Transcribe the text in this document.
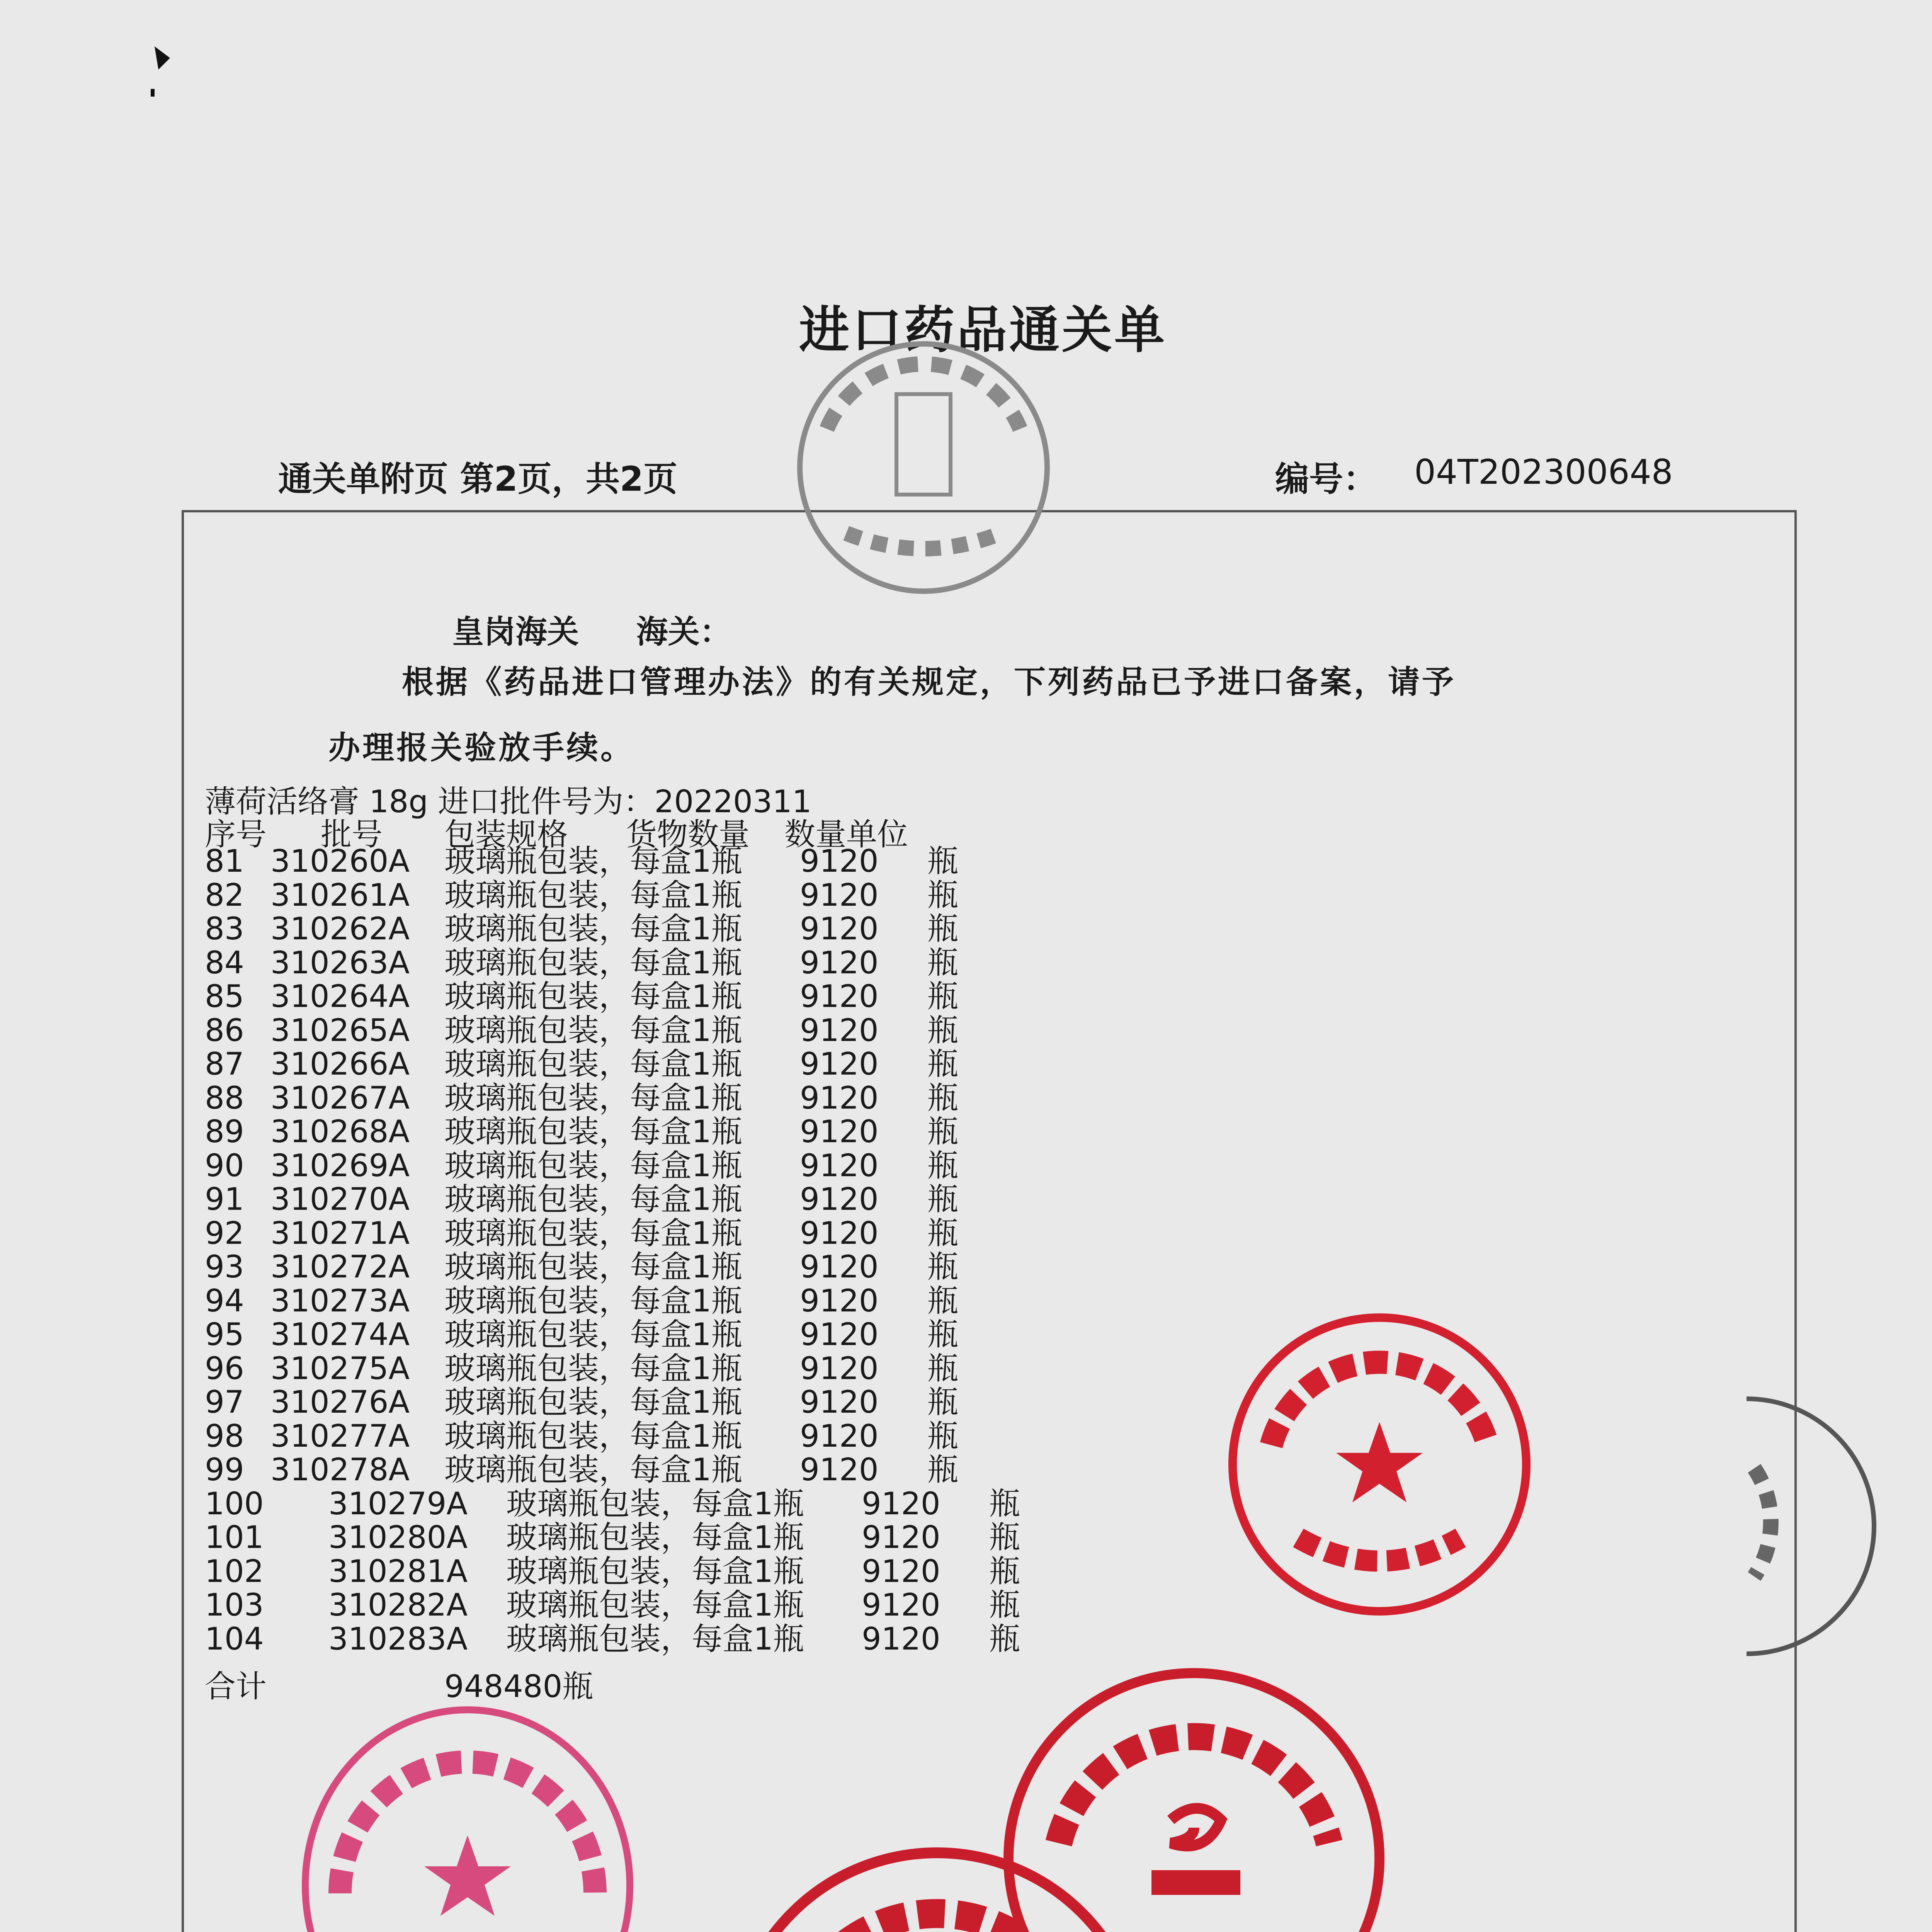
进口药品通关单
通关单附页 第2页，共2页	编号： 04T202300648
皇岗海关 海关：
根据《药品进口管理办法》的有关规定，下列药品已予进口备案，请予
办理报关验放手续。
薄荷活络膏 18g 进口批件号为：20220311
序号 批号 包装规格 货物数量 数量单位
81 310260A 玻璃瓶包装，每盒1瓶 9120 瓶
82 310261A 玻璃瓶包装，每盒1瓶 9120 瓶
83 310262A 玻璃瓶包装，每盒1瓶 9120 瓶
84 310263A 玻璃瓶包装，每盒1瓶 9120 瓶
85 310264A 玻璃瓶包装，每盒1瓶 9120 瓶
86 310265A 玻璃瓶包装，每盒1瓶 9120 瓶
87 310266A 玻璃瓶包装，每盒1瓶 9120 瓶
88 310267A 玻璃瓶包装，每盒1瓶 9120 瓶
89 310268A 玻璃瓶包装，每盒1瓶 9120 瓶
90 310269A 玻璃瓶包装，每盒1瓶 9120 瓶
91 310270A 玻璃瓶包装，每盒1瓶 9120 瓶
92 310271A 玻璃瓶包装，每盒1瓶 9120 瓶
93 310272A 玻璃瓶包装，每盒1瓶 9120 瓶
94 310273A 玻璃瓶包装，每盒1瓶 9120 瓶
95 310274A 玻璃瓶包装，每盒1瓶 9120 瓶
96 310275A 玻璃瓶包装，每盒1瓶 9120 瓶
97 310276A 玻璃瓶包装，每盒1瓶 9120 瓶
98 310277A 玻璃瓶包装，每盒1瓶 9120 瓶
99 310278A 玻璃瓶包装，每盒1瓶 9120 瓶
100 310279A 玻璃瓶包装，每盒1瓶 9120 瓶
101 310280A 玻璃瓶包装，每盒1瓶 9120 瓶
102 310281A 玻璃瓶包装，每盒1瓶 9120 瓶
103 310282A 玻璃瓶包装，每盒1瓶 9120 瓶
104 310283A 玻璃瓶包装，每盒1瓶 9120 瓶
合计	948480瓶
